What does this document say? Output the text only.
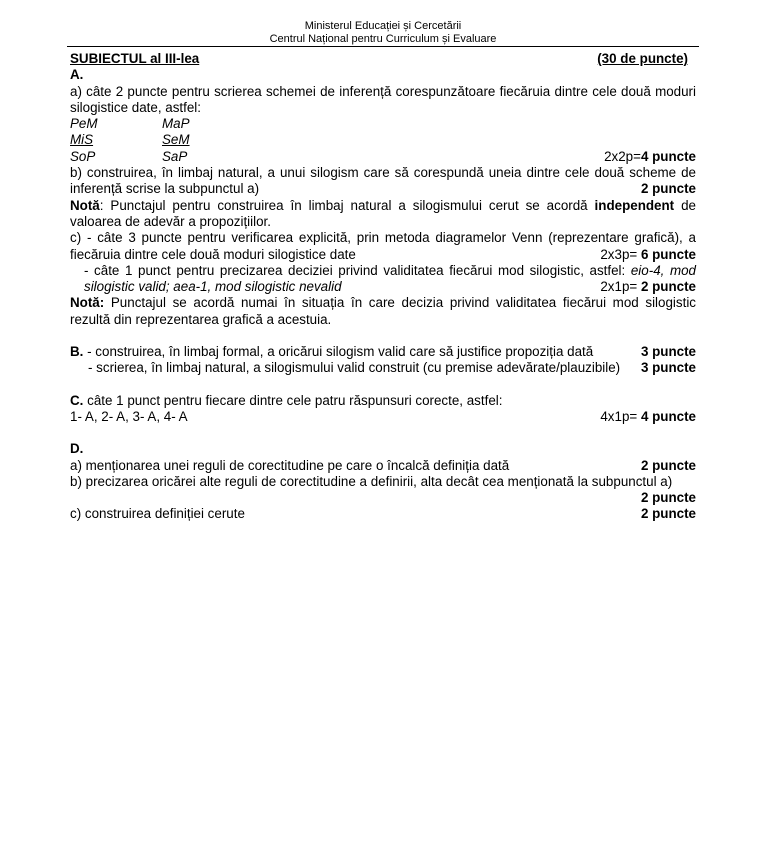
Ministerul Educației și Cercetării
Centrul Național pentru Curriculum și Evaluare
SUBIECTUL al III-lea	(30 de puncte)
A.

a) câte 2 puncte pentru scrierea schemei de inferență corespunzătoare fiecăruia dintre cele două moduri silogistice date, astfel:

PeM	MaP
MiS	SeM
SoP	SaP	2x2p=4 puncte

b) construirea, în limbaj natural, a unui silogism care să corespundă uneia dintre cele două scheme de inferență scrise la subpunctul a)	2 puncte

Notă: Punctajul pentru construirea în limbaj natural a silogismului cerut se acordă independent de valoarea de adevăr a propozițiilor.

c) - câte 3 puncte pentru verificarea explicită, prin metoda diagramelor Venn (reprezentare grafică), a fiecăruia dintre cele două moduri silogistice date	2x3p= 6 puncte

- câte 1 punct pentru precizarea deciziei privind validitatea fiecărui mod silogistic, astfel: eio-4, mod silogistic valid; aea-1, mod silogistic nevalid	2x1p= 2 puncte

Notă: Punctajul se acordă numai în situația în care decizia privind validitatea fiecărui mod silogistic rezultă din reprezentarea grafică a acestuia.

B. - construirea, în limbaj formal, a oricărui silogism valid care să justifice propoziția dată	3 puncte
- scrierea, în limbaj natural, a silogismului valid construit (cu premise adevărate/plauzibile) 3 puncte
C. câte 1 punct pentru fiecare dintre cele patru răspunsuri corecte, astfel:
1- A, 2- A, 3- A, 4- A	4x1p= 4 puncte
D.
a) menționarea unei reguli de corectitudine pe care o încalcă definiția dată	2 puncte
b) precizarea oricărei alte reguli de corectitudine a definirii, alta decât cea menționată la subpunctul a)
2 puncte
c) construirea definiției cerute	2 puncte
